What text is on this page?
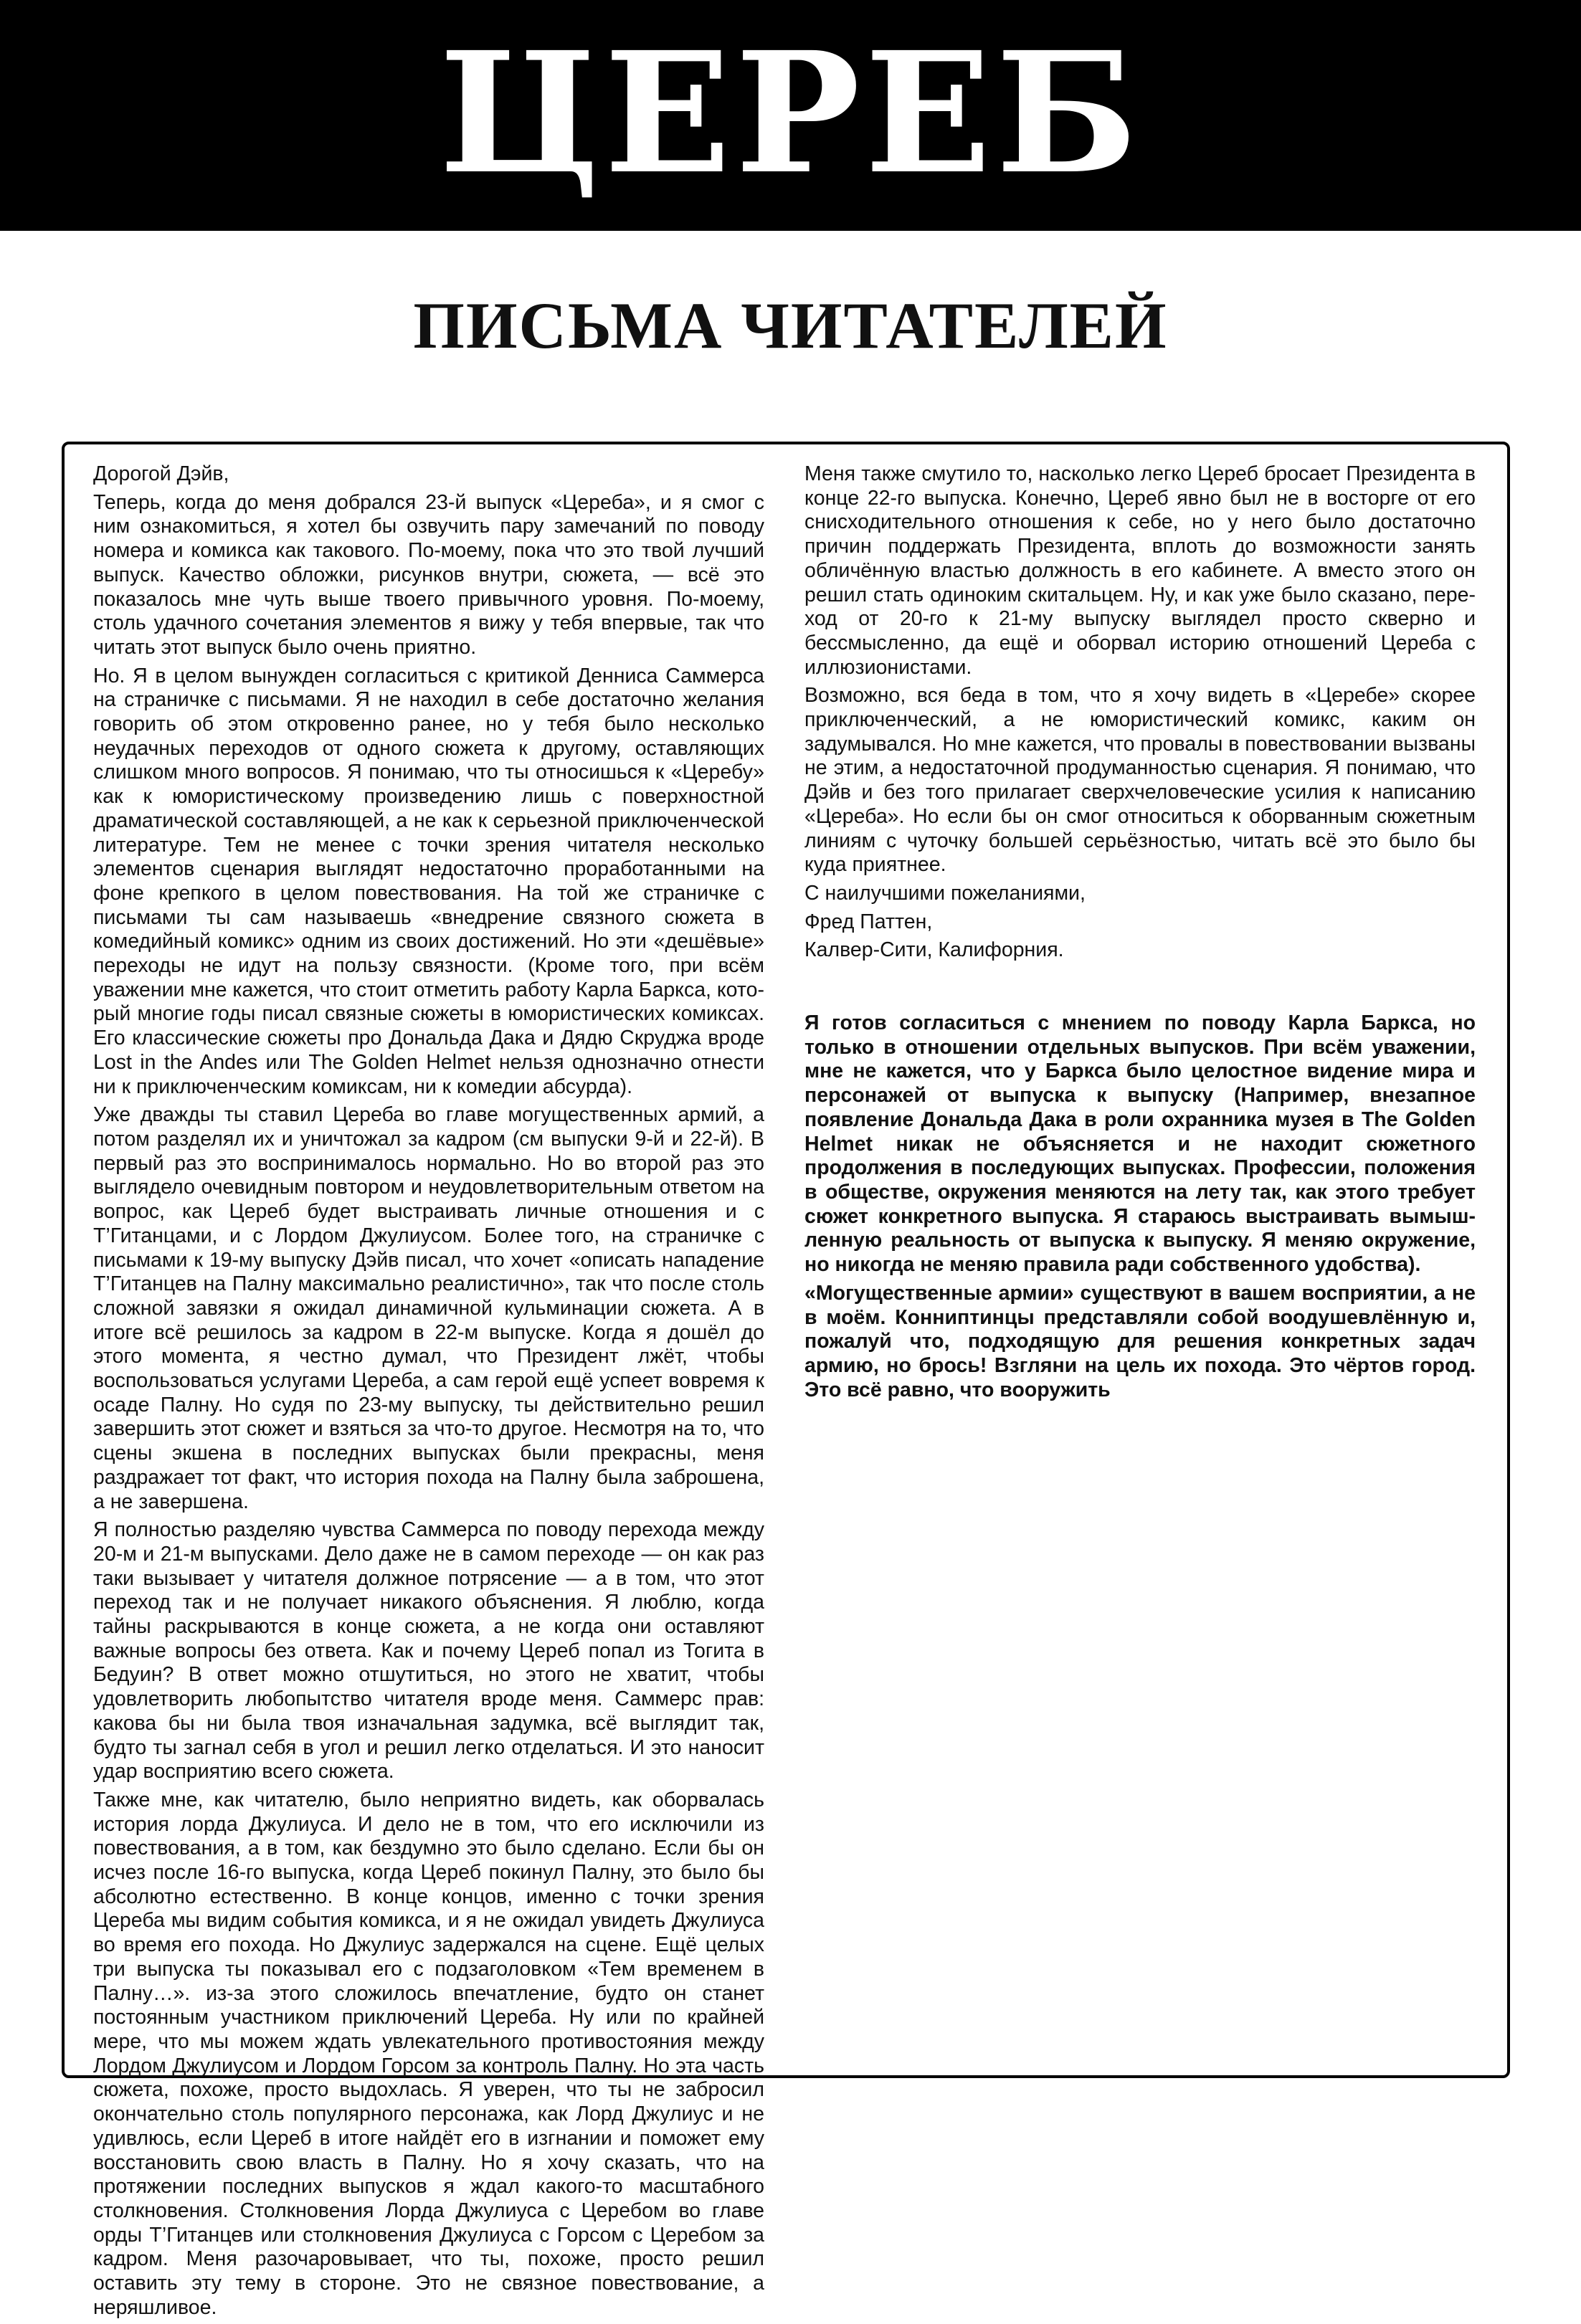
ЦЕРЕБ
ПИСЬМА ЧИТАТЕЛЕЙ

Дорогой Дэйв,

Теперь, когда до меня добрался 23-й выпуск «Цереба», и я смог с ним ознакомиться, я хотел бы озвучить пару замечаний по поводу номера и комикса как такового. По-моему, пока что это твой лучший выпуск. Качество обложки, рисунков внутри, сюжета, — всё это показалось мне чуть выше твоего привычного уровня. По-моему, столь удачного сочетания элементов я вижу у тебя впервые, так что читать этот выпуск было очень приятно.

Но. Я в целом вынужден согласиться с критикой Денниса Саммерса на страничке с письмами. Я не находил в себе достаточно желания говорить об этом откровенно ранее, но у тебя было несколько неудачных переходов от одного сюжета к другому, оставляющих слишком много вопросов. Я понимаю, что ты относишься к «Церебу» как к юмористическому произведению лишь с поверхностной драматической составляющей, а не как к серьезной приключенческой литературе. Тем не менее с точки зрения читателя несколько элементов сценария выглядят недостаточно проработанными на фоне крепкого в целом повествования. На той же страничке с письмами ты сам называешь «внедрение связного сюжета в комедийный комикс» одним из своих достижений. Но эти «дешёвые» переходы не идут на пользу связности. (Кроме того, при всём уважении мне кажется, что стоит отметить работу Карла Баркса, который многие годы писал связные сюжеты в юмористических комиксах. Его классические сюжеты про Дональда Дака и Дядю Скруджа вроде Lost in the Andes или The Golden Helmet нельзя однозначно отнести ни к приключенческим комиксам, ни к комедии абсурда).

Уже дважды ты ставил Цереба во главе могущественных армий, а потом разделял их и уничтожал за кадром (см выпуски 9-й и 22-й). В первый раз это воспринималось нормально. Но во второй раз это выглядело очевидным повтором и неудовлетворительным ответом на вопрос, как Цереб будет выстраивать личные отношения и с Т’Гитанцами, и с Лордом Джулиусом. Более того, на страничке с письмами к 19-му выпуску Дэйв писал, что хочет «описать нападение Т’Гитанцев на Палну максимально реалистично», так что после столь сложной завязки я ожидал динамичной кульминации сюжета. А в итоге всё решилось за кадром в 22-м выпуске. Когда я дошёл до этого момента, я честно думал, что Президент лжёт, чтобы воспользоваться услугами Цереба, а сам герой ещё успеет вовремя к осаде Палну. Но судя по 23-му выпуску, ты действительно решил завершить этот сюжет и взяться за что-то другое. Несмотря на то, что сцены экшена в последних выпусках были прекрасны, меня раздражает тот факт, что история похода на Палну была заброшена, а не завершена.

Я полностью разделяю чувства Саммерса по поводу перехода между 20-м и 21-м выпусками. Дело даже не в самом переходе — он как раз таки вызывает у читателя должное потрясение — а в том, что этот переход так и не получает никакого объяснения. Я люблю, когда тайны раскрываются в конце сюжета, а не когда они оставляют важные вопросы без ответа. Как и почему Цереб попал из Тогита в Бедуин? В ответ можно отшутиться, но этого не хватит, чтобы удовлетворить любопытство читателя вроде меня. Саммерс прав: какова бы ни была твоя изначальная задумка, всё выглядит так, будто ты загнал себя в угол и решил легко отделаться. И это наносит удар восприятию всего сюжета.

Также мне, как читателю, было неприятно видеть, как оборвалась история лорда Джулиуса. И дело не в том, что его исключили из повествования, а в том, как бездумно это было сделано. Если бы он исчез после 16-го выпуска, когда Цереб покинул Палну, это было бы абсолютно естественно. В конце концов, именно с точки зрения Цереба мы видим события комикса, и я не ожидал увидеть Джулиуса во время его похода. Но Джулиус задержался на сцене. Ещё целых три выпуска ты показывал его с подзаголовком «Тем временем в Палну…». из-за этого сложилось впечатление, будто он станет постоянным участником приключений Цереба. Ну или по крайней мере, что мы можем ждать увлекательного противостояния между Лордом Джулиусом и Лордом Горсом за контроль Палну. Но эта часть сюжета, похоже, просто выдохлась. Я уверен, что ты не забросил окончательно столь популярного персонажа, как Лорд Джулиус и не удивлюсь, если Цереб в итоге найдёт его в изгнании и поможет ему восстановить свою власть в Палну. Но я хочу сказать, что на протяжении последних выпусков я ждал какого-то масштабного столкновения. Столкновения Лорда Джулиуса с Церебом во главе орды Т’Гитанцев или столкновения Джулиуса с Горсом с Церебом за кадром. Меня разочаровывает, что ты, похоже, просто решил оставить эту тему в стороне. Это не связное повествование, а неряшливое.

Меня также смутило то, насколько легко Цереб бросает Президента в конце 22-го выпуска. Конечно, Цереб явно был не в восторге от его снисходительного отношения к себе, но у него было достаточно причин поддержать Президента, вплоть до возможности занять обличённую властью должность в его кабинете. А вместо этого он решил стать одиноким скитальцем. Ну, и как уже было сказано, переход от 20-го к 21-му выпуску выглядел просто скверно и бессмысленно, да ещё и оборвал историю отношений Цереба с иллюзионистами.

Возможно, вся беда в том, что я хочу видеть в «Церебе» скорее приключенческий, а не юмористический комикс, каким он задумывался. Но мне кажется, что провалы в повествовании вызваны не этим, а недостаточной продуманностью сценария. Я понимаю, что Дэйв и без того прилагает сверхчеловеческие усилия к написанию «Цереба». Но если бы он смог относиться к оборванным сюжетным линиям с чуточку большей серьёзностью, читать всё это было бы куда приятнее.

С наилучшими пожеланиями,
Фред Паттен,
Калвер-Сити, Калифорния.

Я готов согласиться с мнением по поводу Карла Баркса, но только в отношении отдельных выпусков. При всём уважении, мне не кажется, что у Баркса было целостное видение мира и персонажей от выпуска к выпуску (Например, внезапное появление Дональда Дака в роли охранника музея в The Golden Helmet никак не объясняется и не находит сюжетного продолжения в последующих выпусках. Профессии, положения в обществе, окружения меняются на лету так, как этого требует сюжет конкретного выпуска. Я стараюсь выстраивать вымышленную реальность от выпуска к выпуску. Я меняю окружение, но никогда не меняю правила ради собственного удобства).

«Могущественные армии» существуют в вашем восприятии, а не в моём. Конниптинцы представляли собой воодушевлённую и, пожалуй что, подходящую для решения конкретных задач армию, но брось! Взгляни на цель их похода. Это чёртов город. Это всё равно, что вооружить
